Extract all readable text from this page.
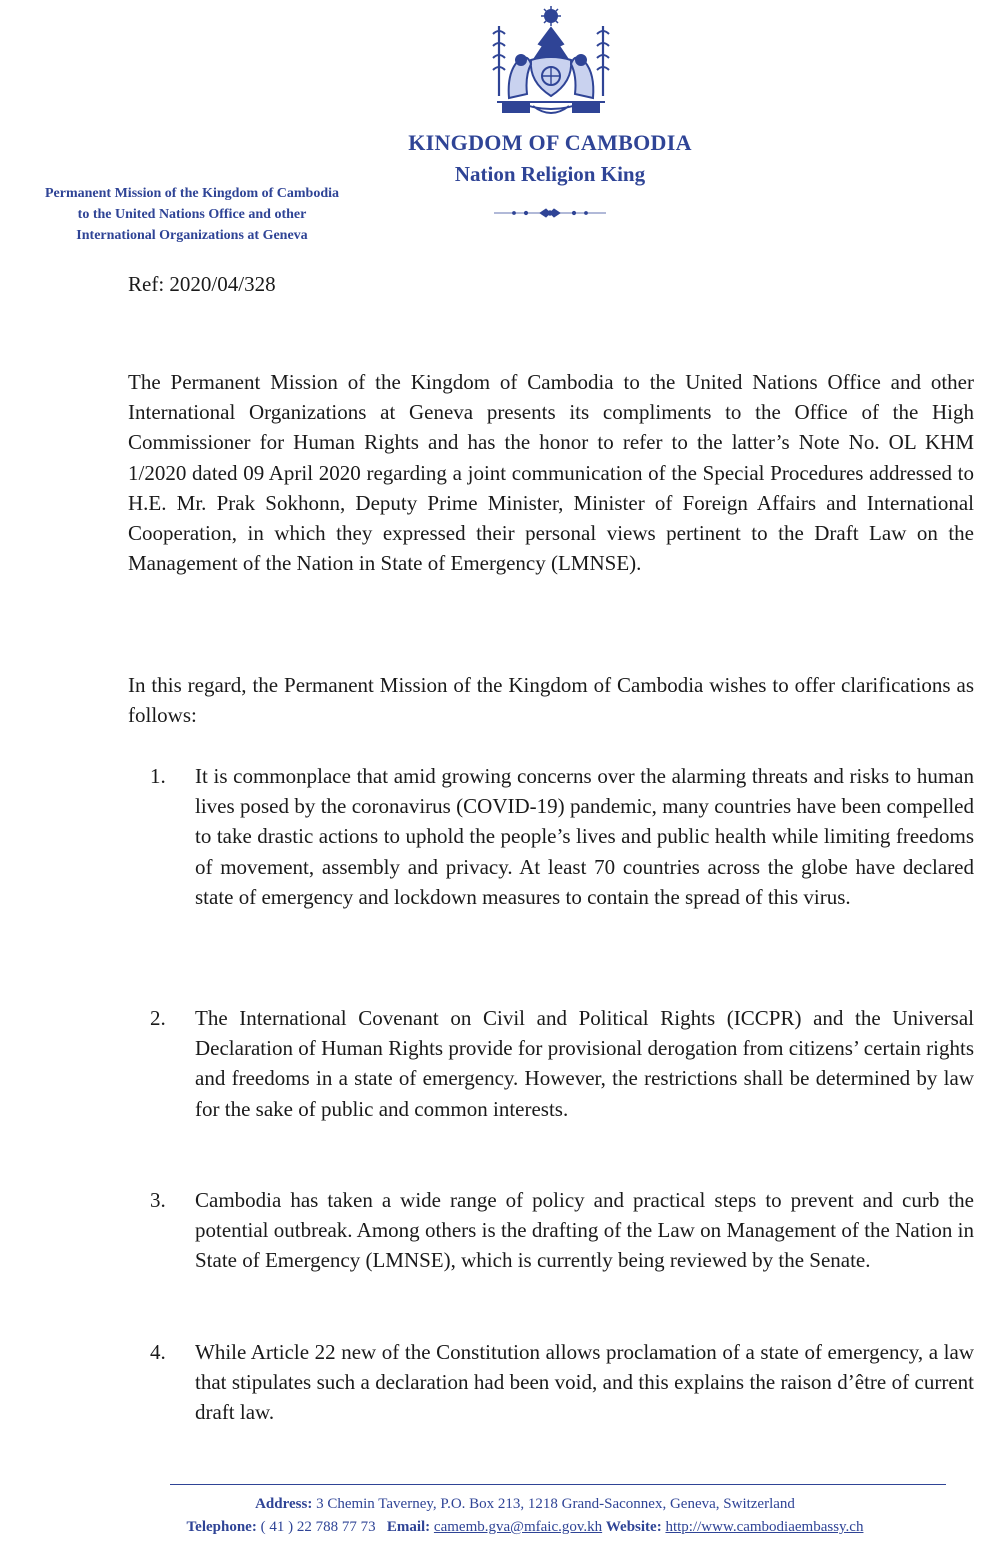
KINGDOM OF CAMBODIA
Nation Religion King
Permanent Mission of the Kingdom of Cambodia
to the United Nations Office and other
International Organizations at Geneva
Ref: 2020/04/328

The Permanent Mission of the Kingdom of Cambodia to the United Nations Office and other International Organizations at Geneva presents its compliments to the Office of the High Commissioner for Human Rights and has the honor to refer to the latter’s Note No. OL KHM 1/2020 dated 09 April 2020 regarding a joint communication of the Special Procedures addressed to H.E. Mr. Prak Sokhonn, Deputy Prime Minister, Minister of Foreign Affairs and International Cooperation, in which they expressed their personal views pertinent to the Draft Law on the Management of the Nation in State of Emergency (LMNSE).

In this regard, the Permanent Mission of the Kingdom of Cambodia wishes to offer clarifications as follows:

1.	It is commonplace that amid growing concerns over the alarming threats and risks to human lives posed by the coronavirus (COVID-19) pandemic, many countries have been compelled to take drastic actions to uphold the people’s lives and public health while limiting freedoms of movement, assembly and privacy. At least 70 countries across the globe have declared state of emergency and lockdown measures to contain the spread of this virus.
2.	The International Covenant on Civil and Political Rights (ICCPR) and the Universal Declaration of Human Rights provide for provisional derogation from citizens’ certain rights and freedoms in a state of emergency. However, the restrictions shall be determined by law for the sake of public and common interests.
3.	Cambodia has taken a wide range of policy and practical steps to prevent and curb the potential outbreak. Among others is the drafting of the Law on Management of the Nation in State of Emergency (LMNSE), which is currently being reviewed by the Senate.
4.	While Article 22 new of the Constitution allows proclamation of a state of emergency, a law that stipulates such a declaration had been void, and this explains the raison d’être of current draft law.
Address: 3 Chemin Taverney, P.O. Box 213, 1218 Grand-Saconnex, Geneva, Switzerland
Telephone: ( 41 ) 22 788 77 73 Email: camemb.gva@mfaic.gov.kh Website: http://www.cambodiaembassy.ch
